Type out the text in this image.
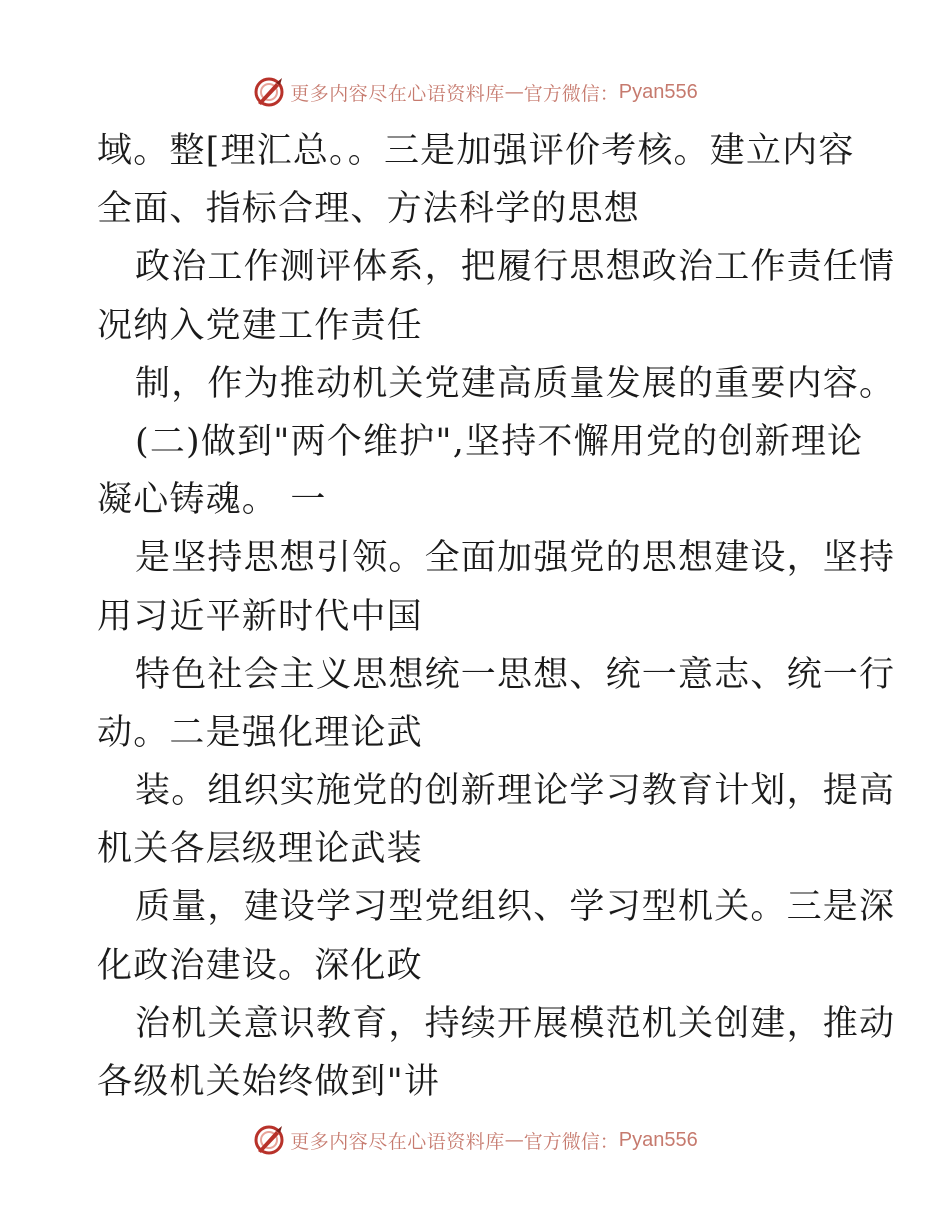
更多内容尽在心语资料库 — 官方微信： Pyan556
域。整[理汇总。。三是加强评价考核。建立内容
全面、指标合理、方法科学的思想
政治工作测评体系，把履行思想政治工作责任情
况纳入党建工作责任
制，作为推动机关党建高质量发展的重要内容。
(二)做到"两个维护",坚持不懈用党的创新理论
凝心铸魂。 一
是坚持思想引领。全面加强党的思想建设，坚持
用习近平新时代中国
特色社会主义思想统一思想、统一意志、统一行
动。二是强化理论武
装。组织实施党的创新理论学习教育计划，提高
机关各层级理论武装
质量，建设学习型党组织、学习型机关。三是深
化政治建设。深化政
治机关意识教育，持续开展模范机关创建，推动
各级机关始终做到"讲
更多内容尽在心语资料库 — 官方微信： Pyan556
